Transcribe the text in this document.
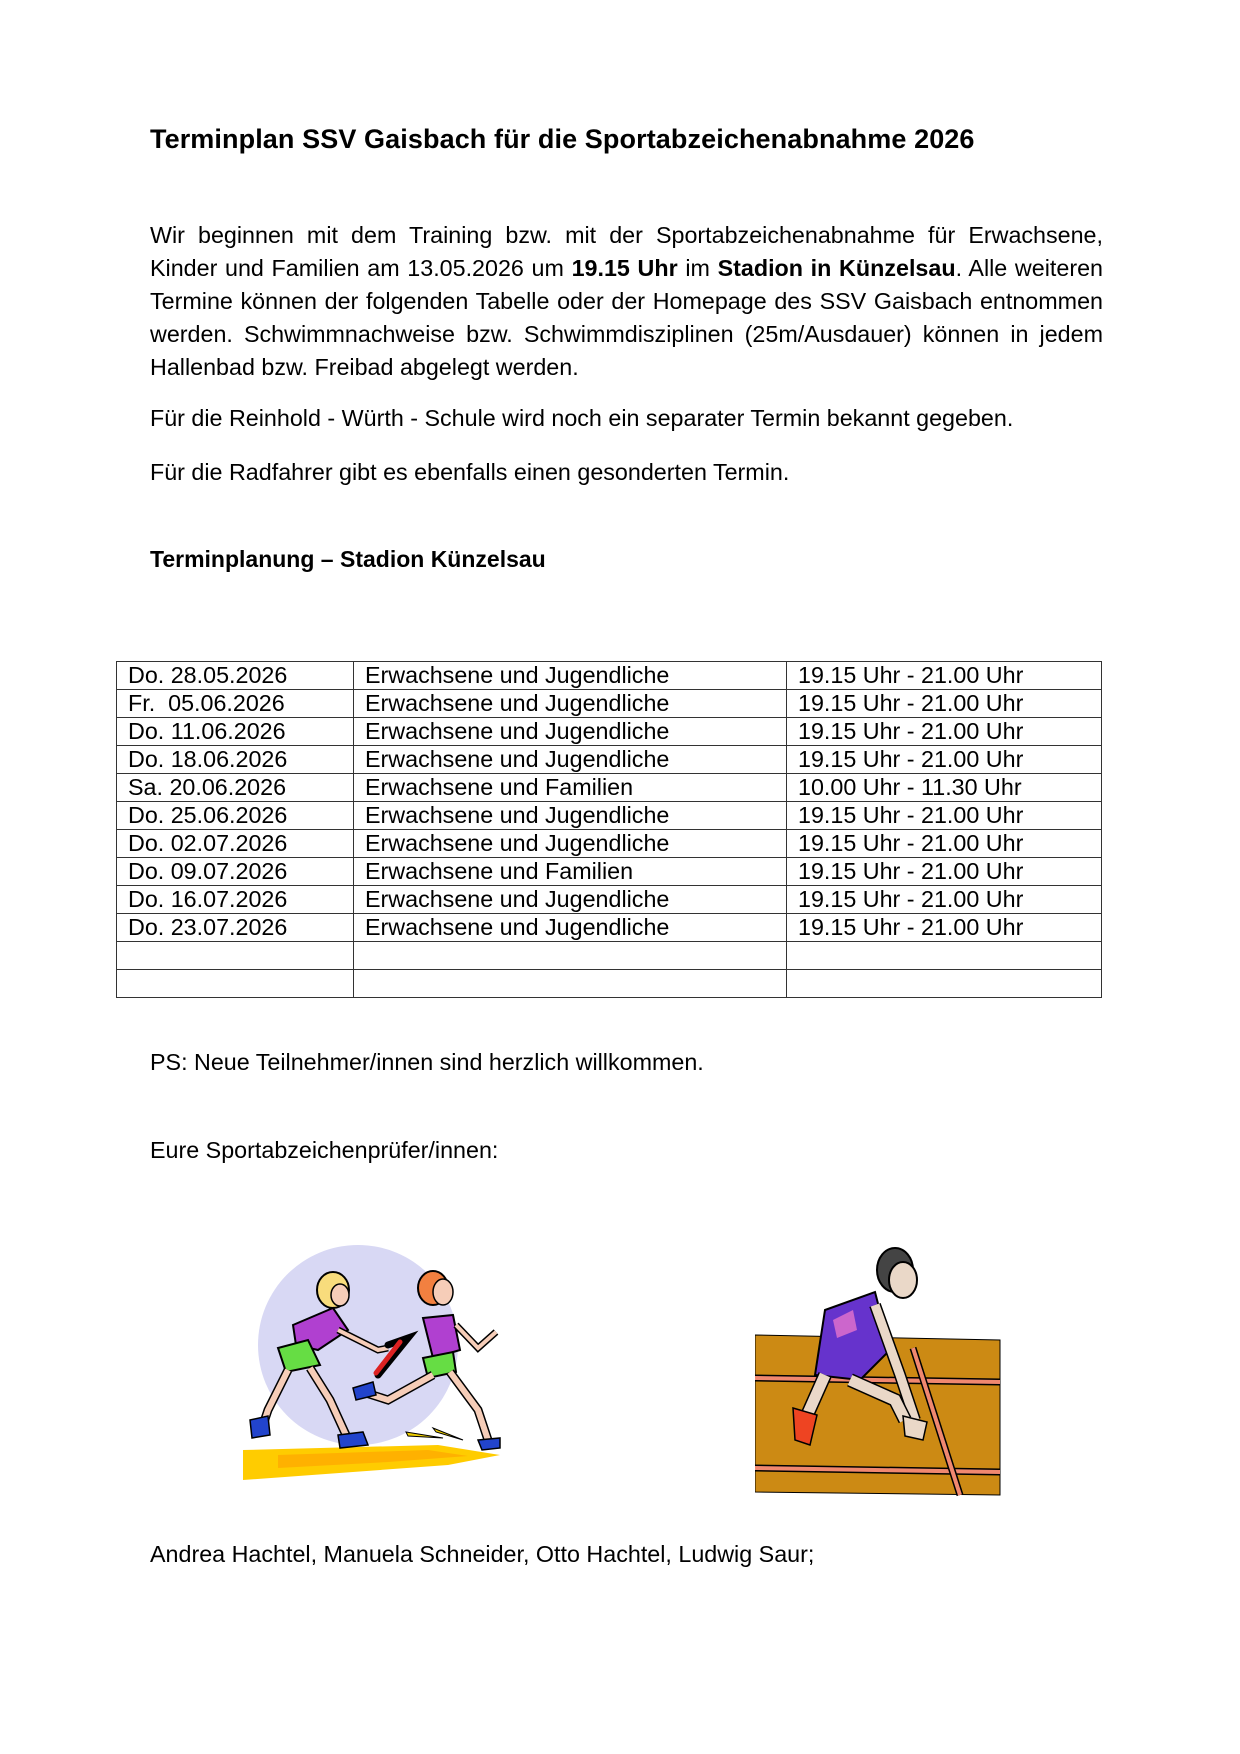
Terminplan SSV Gaisbach für die Sportabzeichenabnahme 2026
Wir beginnen mit dem Training bzw. mit der Sportabzeichenabnahme für Erwachsene, Kinder und Familien am 13.05.2026 um 19.15 Uhr im Stadion in Künzelsau. Alle weiteren Termine können der folgenden Tabelle oder der Homepage des SSV Gaisbach entnommen werden. Schwimmnachweise bzw. Schwimmdisziplinen (25m/Ausdauer) können in jedem Hallenbad bzw. Freibad abgelegt werden.
Für die Reinhold - Würth - Schule wird noch ein separater Termin bekannt gegeben.
Für die Radfahrer gibt es ebenfalls einen gesonderten Termin.
Terminplanung – Stadion Künzelsau
Do. 28.05.2026	Erwachsene und Jugendliche	19.15 Uhr - 21.00 Uhr
Fr.  05.06.2026	Erwachsene und Jugendliche	19.15 Uhr - 21.00 Uhr
Do. 11.06.2026	Erwachsene und Jugendliche	19.15 Uhr - 21.00 Uhr
Do. 18.06.2026	Erwachsene und Jugendliche	19.15 Uhr - 21.00 Uhr
Sa. 20.06.2026	Erwachsene und Familien	10.00 Uhr - 11.30 Uhr
Do. 25.06.2026	Erwachsene und Jugendliche	19.15 Uhr - 21.00 Uhr
Do. 02.07.2026	Erwachsene und Jugendliche	19.15 Uhr - 21.00 Uhr
Do. 09.07.2026	Erwachsene und Familien	19.15 Uhr - 21.00 Uhr
Do. 16.07.2026	Erwachsene und Jugendliche	19.15 Uhr - 21.00 Uhr
Do. 23.07.2026	Erwachsene und Jugendliche	19.15 Uhr - 21.00 Uhr

PS: Neue Teilnehmer/innen sind herzlich willkommen.
Eure Sportabzeichenprüfer/innen:
Andrea Hachtel, Manuela Schneider, Otto Hachtel, Ludwig Saur;
